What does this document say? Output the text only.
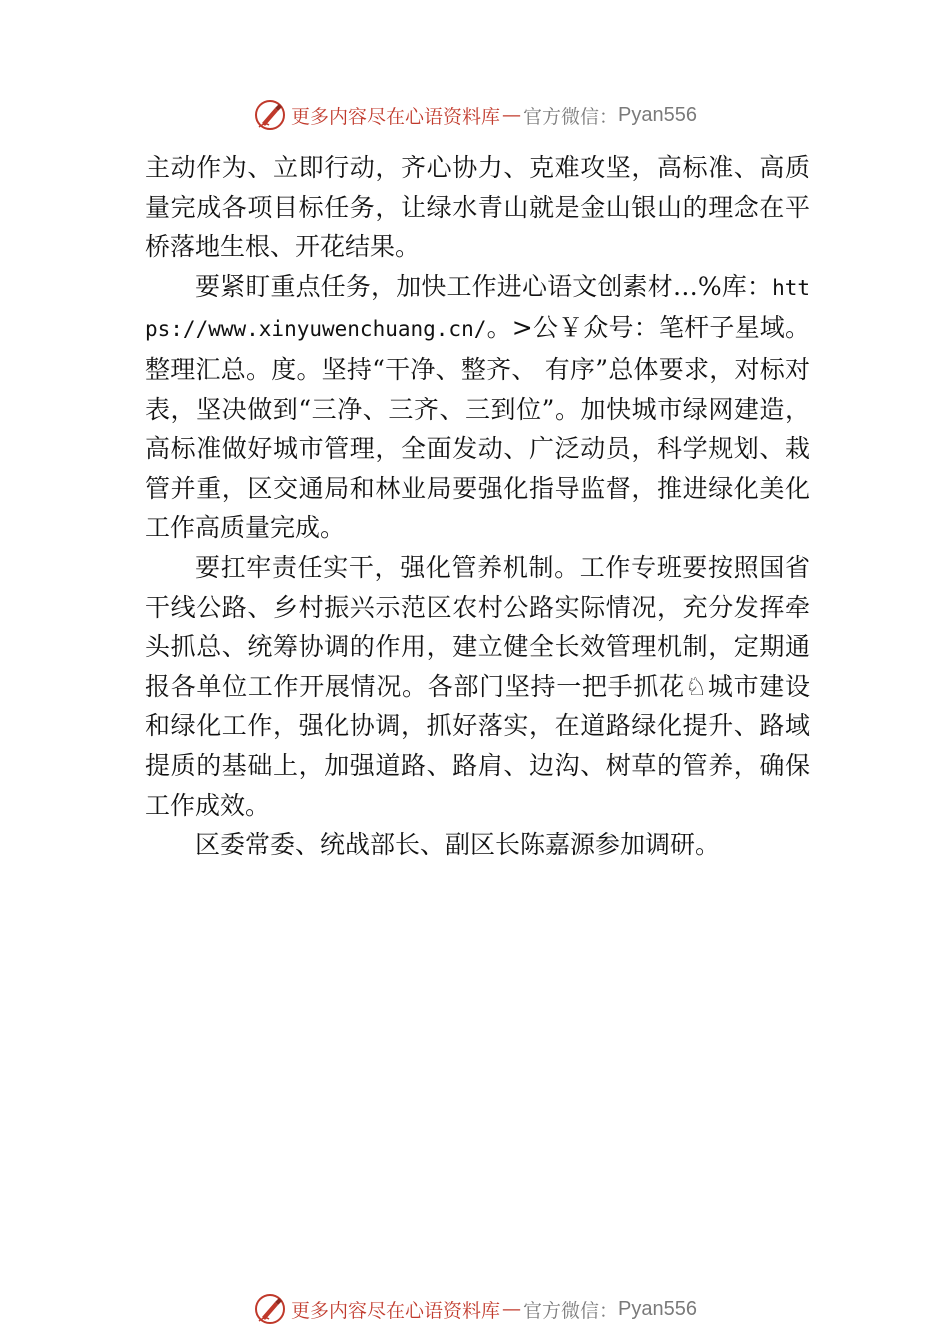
更多内容尽在心语资料库 — 官方微信： Pyan556

主动作为、立即行动，齐心协力、克难攻坚，高标准、高质量完成各项目标任务，让绿水青山就是金山银山的理念在平桥落地生根、开花结果。

要紧盯重点任务，加快工作进心语文创素材…%库：https://www.xinyuwenchuang.cn/。>公￥众号：笔杆子星域。整理汇总。度。坚持“干净、整齐、 有序”总体要求，对标对表，坚决做到“三净、三齐、三到位”。加快城市绿网建造，高标准做好城市管理，全面发动、广泛动员，科学规划、栽管并重，区交通局和林业局要强化指导监督，推进绿化美化工作高质量完成。

要扛牢责任实干，强化管养机制。工作专班要按照国省干线公路、乡村振兴示范区农村公路实际情况，充分发挥牵头抓总、统筹协调的作用，建立健全长效管理机制，定期通报各单位工作开展情况。各部门坚持一把手抓花♘城市建设和绿化工作，强化协调，抓好落实，在道路绿化提升、路域提质的基础上，加强道路、路肩、边沟、树草的管养，确保工作成效。

区委常委、统战部长、副区长陈嘉源参加调研。

更多内容尽在心语资料库 — 官方微信： Pyan556
